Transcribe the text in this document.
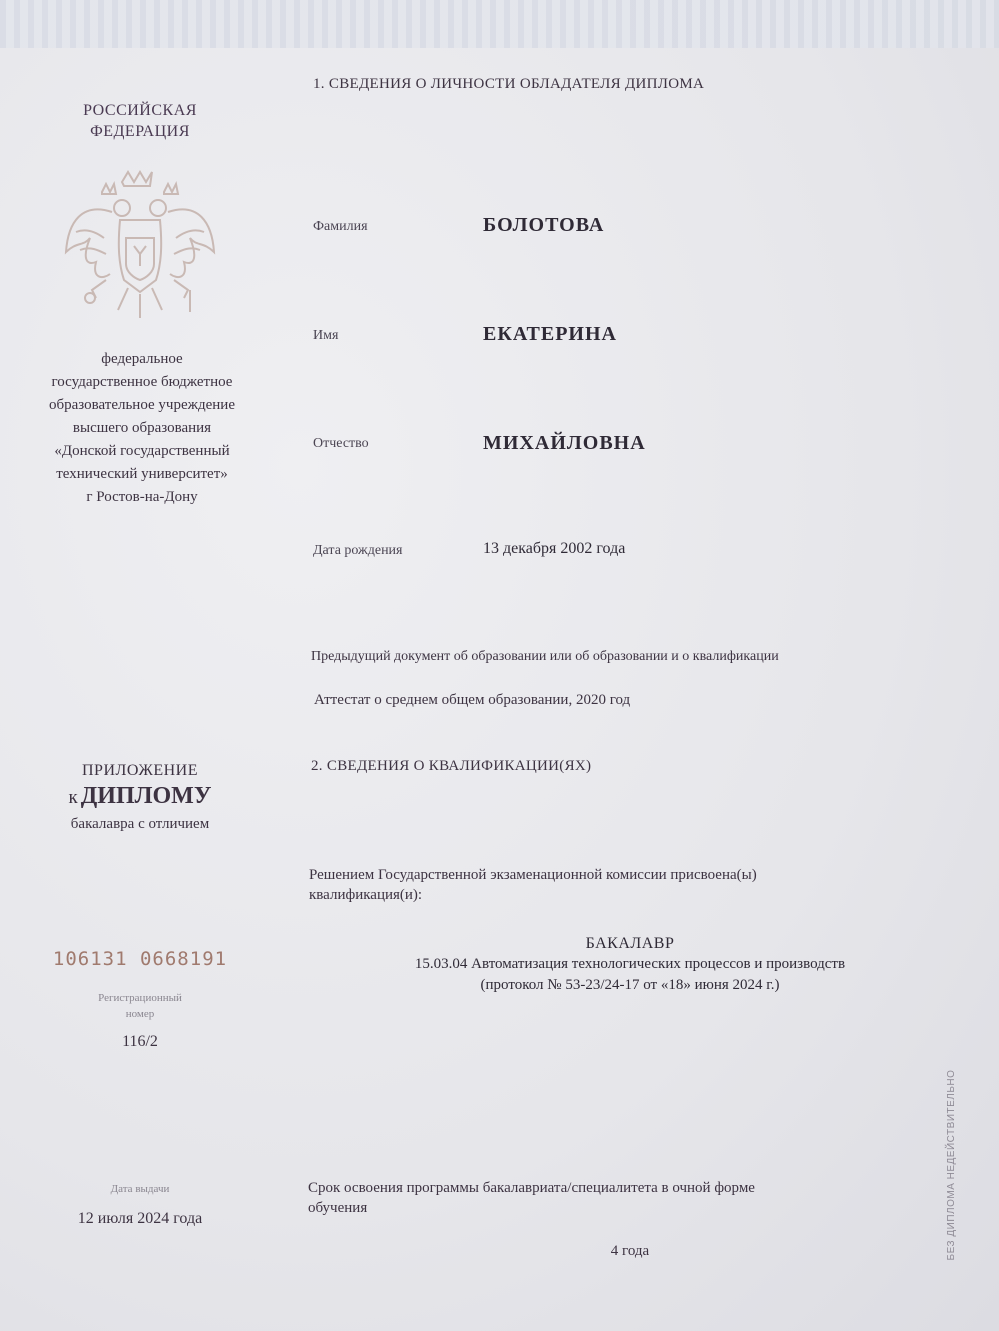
РОССИЙСКАЯ
ФЕДЕРАЦИЯ
федеральное
государственное бюджетное
образовательное учреждение
высшего образования
«Донской государственный
технический университет»
г Ростов-на-Дону
ПРИЛОЖЕНИЕ
к ДИПЛОМУ
бакалавра с отличием
106131 0668191
Регистрационный
номер
116/2
Дата выдачи
12 июля 2024 года
1. СВЕДЕНИЯ О ЛИЧНОСТИ ОБЛАДАТЕЛЯ ДИПЛОМА
Фамилия	БОЛОТОВА
Имя	ЕКАТЕРИНА
Отчество	МИХАЙЛОВНА
Дата рождения	13 декабря 2002 года
Предыдущий документ об образовании или об образовании и о квалификации
Аттестат о среднем общем образовании, 2020 год
2. СВЕДЕНИЯ О КВАЛИФИКАЦИИ(ЯХ)
Решением Государственной экзаменационной комиссии присвоена(ы)
квалификация(и):
БАКАЛАВР
15.03.04 Автоматизация технологических процессов и производств
(протокол № 53-23/24-17 от «18» июня 2024 г.)
Срок освоения программы бакалавриата/специалитета в очной форме
обучения
4 года	БЕЗ ДИПЛОМА НЕДЕЙСТВИТЕЛЬНО
